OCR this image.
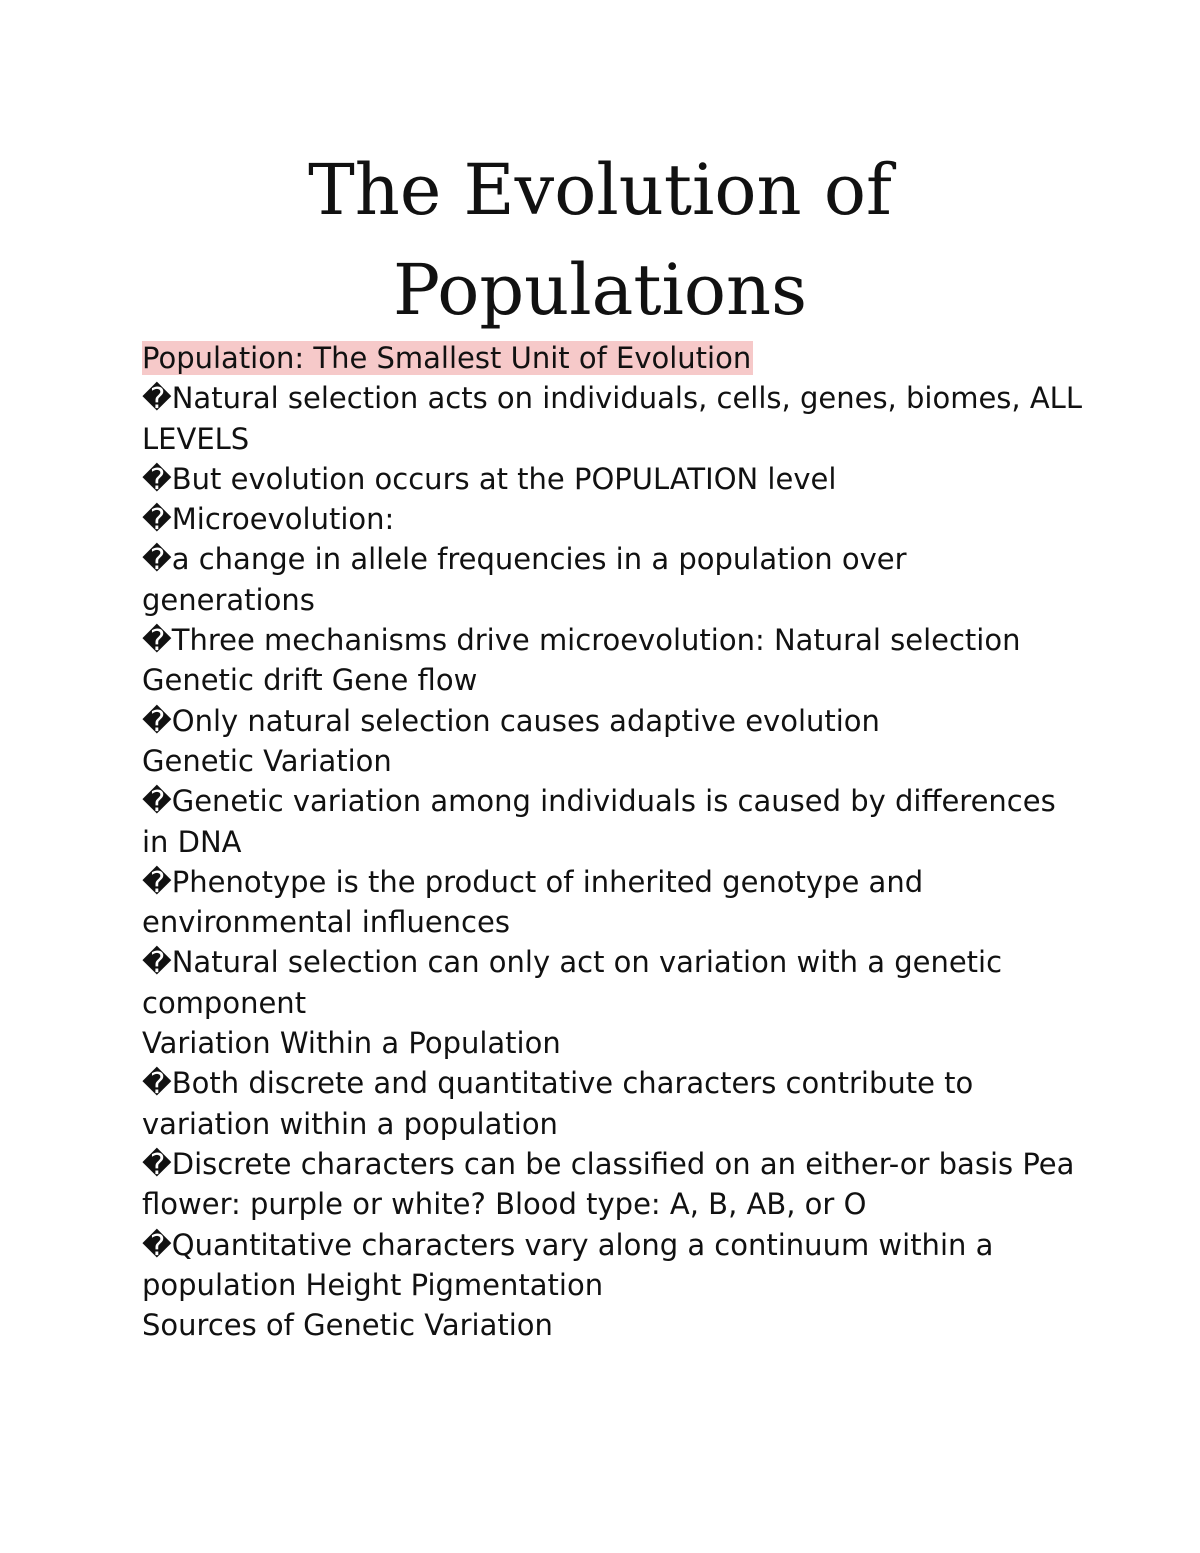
The Evolution of
Populations

Population: The Smallest Unit of Evolution

�Natural selection acts on individuals, cells, genes, biomes, ALL LEVELS

�But evolution occurs at the POPULATION level

�Microevolution:

�a change in allele frequencies in a population over generations

�Three mechanisms drive microevolution: Natural selection Genetic drift Gene flow

�Only natural selection causes adaptive evolution

Genetic Variation

�Genetic variation among individuals is caused by differences in DNA

�Phenotype is the product of inherited genotype and environmental influences

�Natural selection can only act on variation with a genetic component

Variation Within a Population

�Both discrete and quantitative characters contribute to variation within a population

�Discrete characters can be classified on an either-or basis Pea flower: purple or white? Blood type: A, B, AB, or O

�Quantitative characters vary along a continuum within a population Height Pigmentation

Sources of Genetic Variation
